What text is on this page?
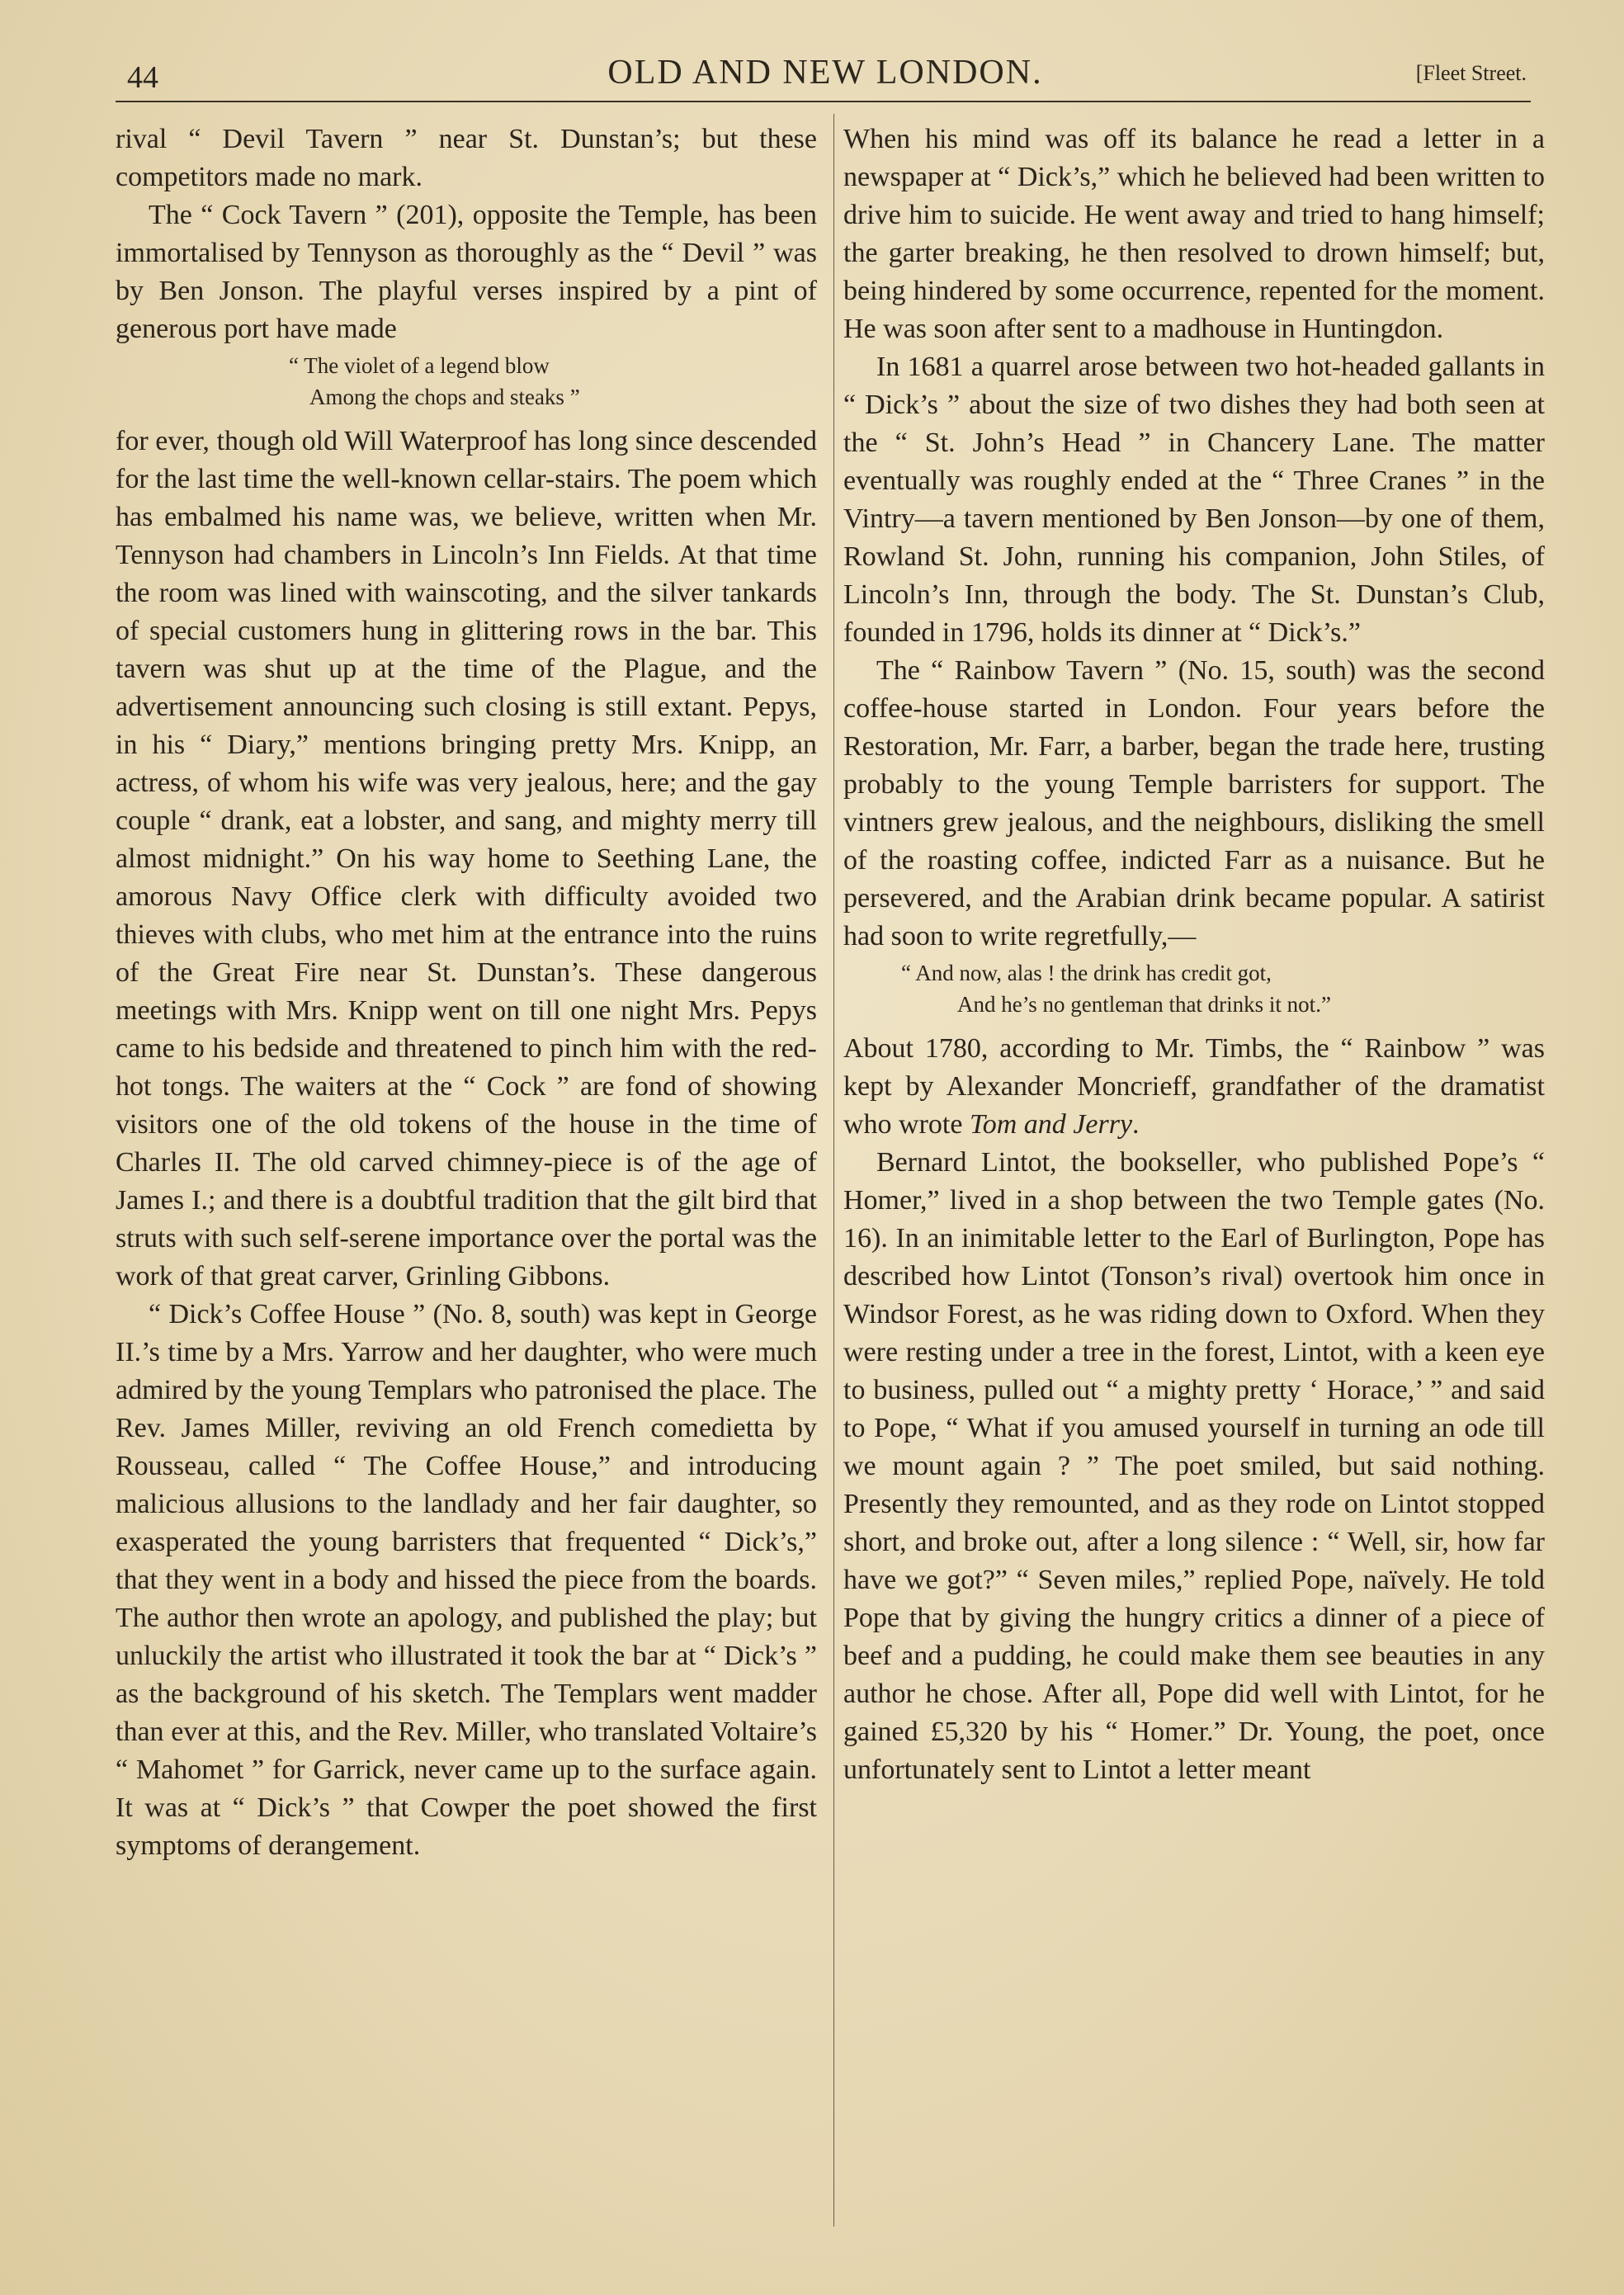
44	OLD AND NEW LONDON.	[Fleet Street.

rival “ Devil Tavern ” near St. Dunstan’s; but these competitors made no mark.

The “ Cock Tavern ” (201), opposite the Temple, has been immortalised by Tennyson as thoroughly as the “ Devil ” was by Ben Jonson. The playful verses inspired by a pint of generous port have made

“ The violet of a legend blow
Among the chops and steaks ”

for ever, though old Will Waterproof has long since descended for the last time the well-known cellar-stairs. The poem which has embalmed his name was, we believe, written when Mr. Tennyson had chambers in Lincoln’s Inn Fields. At that time the room was lined with wainscoting, and the silver tankards of special customers hung in glittering rows in the bar. This tavern was shut up at the time of the Plague, and the advertisement announcing such closing is still extant. Pepys, in his “ Diary,” mentions bringing pretty Mrs. Knipp, an actress, of whom his wife was very jealous, here; and the gay couple “ drank, eat a lobster, and sang, and mighty merry till almost midnight.” On his way home to Seething Lane, the amorous Navy Office clerk with difficulty avoided two thieves with clubs, who met him at the entrance into the ruins of the Great Fire near St. Dunstan’s. These dangerous meetings with Mrs. Knipp went on till one night Mrs. Pepys came to his bedside and threatened to pinch him with the red-hot tongs. The waiters at the “ Cock ” are fond of showing visitors one of the old tokens of the house in the time of Charles II. The old carved chimney-piece is of the age of James I.; and there is a doubtful tradition that the gilt bird that struts with such self-serene importance over the portal was the work of that great carver, Grinling Gibbons.

“ Dick’s Coffee House ” (No. 8, south) was kept in George II.’s time by a Mrs. Yarrow and her daughter, who were much admired by the young Templars who patronised the place. The Rev. James Miller, reviving an old French comedietta by Rousseau, called “ The Coffee House,” and introducing malicious allusions to the landlady and her fair daughter, so exasperated the young barristers that frequented “ Dick’s,” that they went in a body and hissed the piece from the boards. The author then wrote an apology, and published the play; but unluckily the artist who illustrated it took the bar at “ Dick’s ” as the background of his sketch. The Templars went madder than ever at this, and the Rev. Miller, who translated Voltaire’s “ Mahomet ” for Garrick, never came up to the surface again. It was at “ Dick’s ” that Cowper the poet showed the first symptoms of derangement.

When his mind was off its balance he read a letter in a newspaper at “ Dick’s,” which he believed had been written to drive him to suicide. He went away and tried to hang himself; the garter breaking, he then resolved to drown himself; but, being hindered by some occurrence, repented for the moment. He was soon after sent to a madhouse in Huntingdon.

In 1681 a quarrel arose between two hot-headed gallants in “ Dick’s ” about the size of two dishes they had both seen at the “ St. John’s Head ” in Chancery Lane. The matter eventually was roughly ended at the “ Three Cranes ” in the Vintry—a tavern mentioned by Ben Jonson—by one of them, Rowland St. John, running his companion, John Stiles, of Lincoln’s Inn, through the body. The St. Dunstan’s Club, founded in 1796, holds its dinner at “ Dick’s.”

The “ Rainbow Tavern ” (No. 15, south) was the second coffee-house started in London. Four years before the Restoration, Mr. Farr, a barber, began the trade here, trusting probably to the young Temple barristers for support. The vintners grew jealous, and the neighbours, disliking the smell of the roasting coffee, indicted Farr as a nuisance. But he persevered, and the Arabian drink became popular. A satirist had soon to write regretfully,—

“ And now, alas ! the drink has credit got,
And he’s no gentleman that drinks it not.”

About 1780, according to Mr. Timbs, the “ Rainbow ” was kept by Alexander Moncrieff, grandfather of the dramatist who wrote Tom and Jerry.

Bernard Lintot, the bookseller, who published Pope’s “ Homer,” lived in a shop between the two Temple gates (No. 16). In an inimitable letter to the Earl of Burlington, Pope has described how Lintot (Tonson’s rival) overtook him once in Windsor Forest, as he was riding down to Oxford. When they were resting under a tree in the forest, Lintot, with a keen eye to business, pulled out “ a mighty pretty ‘ Horace,’ ” and said to Pope, “ What if you amused yourself in turning an ode till we mount again ? ” The poet smiled, but said nothing. Presently they remounted, and as they rode on Lintot stopped short, and broke out, after a long silence : “ Well, sir, how far have we got?” “ Seven miles,” replied Pope, naïvely. He told Pope that by giving the hungry critics a dinner of a piece of beef and a pudding, he could make them see beauties in any author he chose. After all, Pope did well with Lintot, for he gained £5,320 by his “ Homer.” Dr. Young, the poet, once unfortunately sent to Lintot a letter meant
